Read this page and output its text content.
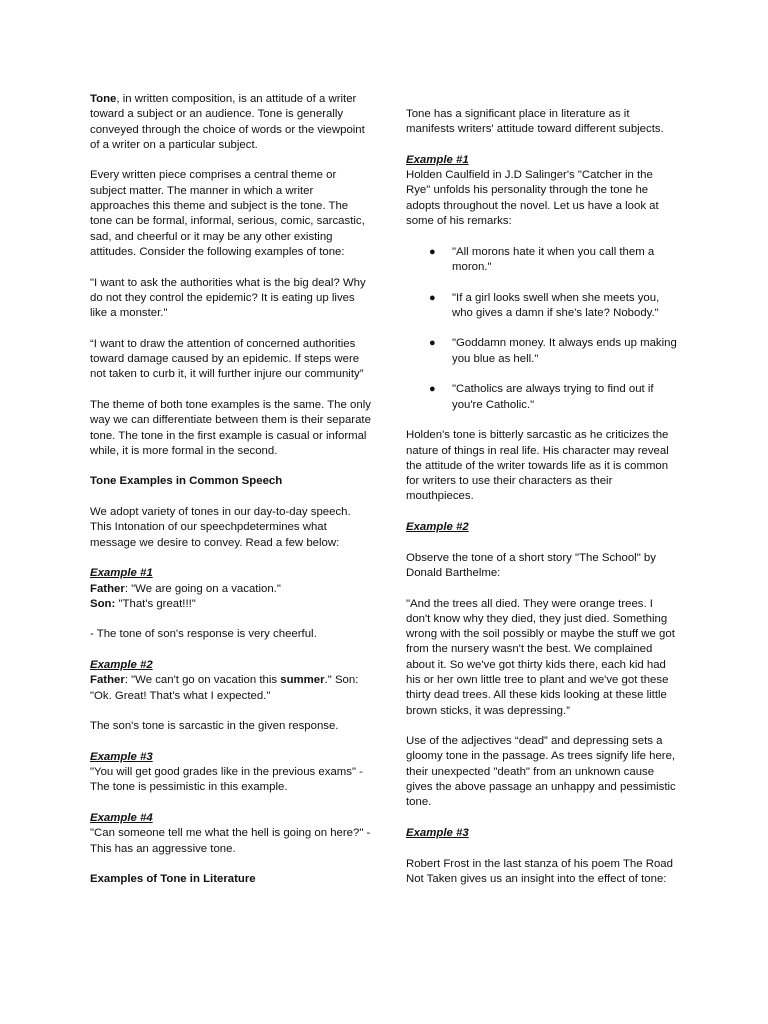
Tone, in written composition, is an attitude of a writer toward a subject or an audience. Tone is generally conveyed through the choice of words or the viewpoint of a writer on a particular subject.

Every written piece comprises a central theme or subject matter. The manner in which a writer approaches this theme and subject is the tone. The tone can be formal, informal, serious, comic, sarcastic, sad, and cheerful or it may be any other existing attitudes. Consider the following examples of tone:

"I want to ask the authorities what is the big deal? Why do not they control the epidemic? It is eating up lives like a monster."

“I want to draw the attention of concerned authorities toward damage caused by an epidemic. If steps were not taken to curb it, it will further injure our community”

The theme of both tone examples is the same. The only way we can differentiate between them is their separate tone. The tone in the first example is casual or informal while, it is more formal in the second.

Tone Examples in Common Speech

We adopt variety of tones in our day-to-day speech. This Intonation of our speechpdetermines what message we desire to convey. Read a few below:

Example #1
Father: "We are going on a vacation."
Son: "That's great!!!"

- The tone of son's response is very cheerful.

Example #2
Father: "We can't go on vacation this summer." Son: "Ok. Great! That's what I expected."

The son's tone is sarcastic in the given response.

Example #3
"You will get good grades like in the previous exams" - The tone is pessimistic in this example.

Example #4
"Can someone tell me what the hell is going on here?" -This has an aggressive tone.

Examples of Tone in Literature

Tone has a significant place in literature as it manifests writers' attitude toward different subjects.

Example #1
Holden Caulfield in J.D Salinger's "Catcher in the Rye" unfolds his personality through the tone he adopts throughout the novel. Let us have a look at some of his remarks:

● "All morons hate it when you call them a moron."
● "If a girl looks swell when she meets you, who gives a damn if she's late? Nobody."
● "Goddamn money. It always ends up making you blue as hell."
● "Catholics are always trying to find out if you're Catholic."

Holden's tone is bitterly sarcastic as he criticizes the nature of things in real life. His character may reveal the attitude of the writer towards life as it is common for writers to use their characters as their mouthpieces.

Example #2

Observe the tone of a short story "The School" by Donald Barthelme:

"And the trees all died. They were orange trees. I don't know why they died, they just died. Something wrong with the soil possibly or maybe the stuff we got from the nursery wasn't the best. We complained about it. So we've got thirty kids there, each kid had his or her own little tree to plant and we've got these thirty dead trees. All these kids looking at these little brown sticks, it was depressing.”

Use of the adjectives “dead” and depressing sets a gloomy tone in the passage. As trees signify life here, their unexpected "death" from an unknown cause gives the above passage an unhappy and pessimistic tone.

Example #3

Robert Frost in the last stanza of his poem The Road Not Taken gives us an insight into the effect of tone:
